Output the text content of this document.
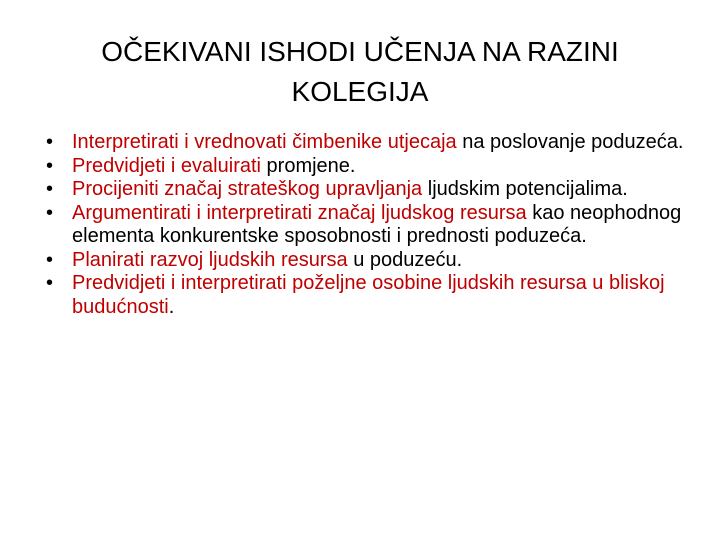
OČEKIVANI ISHODI UČENJA NA RAZINI
KOLEGIJA
• Interpretirati i vrednovati čimbenike utjecaja na poslovanje poduzeća.
• Predvidjeti i evaluirati promjene.
• Procijeniti značaj strateškog upravljanja ljudskim potencijalima.
• Argumentirati i interpretirati značaj ljudskog resursa kao neophodnog elementa konkurentske sposobnosti i prednosti poduzeća.
• Planirati razvoj ljudskih resursa u poduzeću.
• Predvidjeti i interpretirati poželjne osobine ljudskih resursa u bliskoj budućnosti.
